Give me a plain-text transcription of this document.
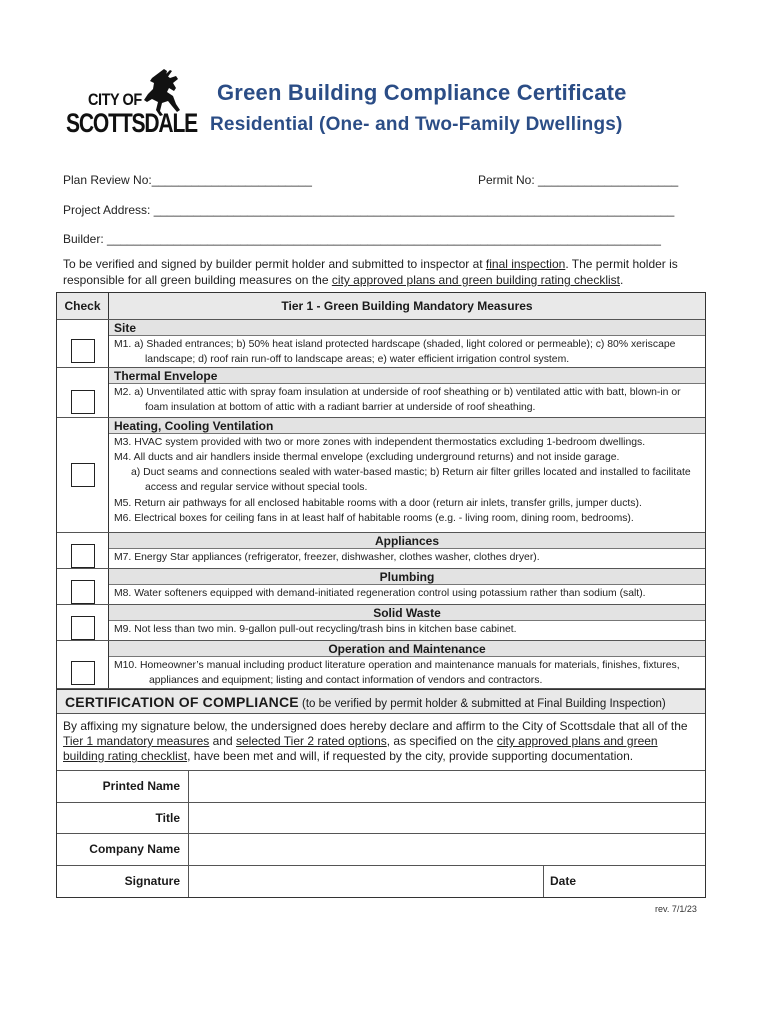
CITY OF
SCOTTSDALE
Green Building Compliance Certificate
Residential (One- and Two-Family Dwellings)
Plan Review No:________________________	Permit No: _____________________
Project Address: ______________________________________________________________________________
Builder: ___________________________________________________________________________________
To be verified and signed by builder permit holder and submitted to inspector at final inspection. The permit holder is responsible for all green building measures on the city approved plans and green building rating checklist.
Check	Tier 1 - Green Building Mandatory Measures
Site
M1. a) Shaded entrances; b) 50% heat island protected hardscape (shaded, light colored or permeable); c) 80% xeriscape landscape; d) roof rain run-off to landscape areas; e) water efficient irrigation control system.
Thermal Envelope
M2. a) Unventilated attic with spray foam insulation at underside of roof sheathing or b) ventilated attic with batt, blown-in or foam insulation at bottom of attic with a radiant barrier at underside of roof sheathing.
Heating, Cooling Ventilation
M3. HVAC system provided with two or more zones with independent thermostatics excluding 1-bedroom dwellings.
M4. All ducts and air handlers inside thermal envelope (excluding underground returns) and not inside garage.
a) Duct seams and connections sealed with water-based mastic; b) Return air filter grilles located and installed to facilitate access and regular service without special tools.
M5. Return air pathways for all enclosed habitable rooms with a door (return air inlets, transfer grills, jumper ducts).
M6. Electrical boxes for ceiling fans in at least half of habitable rooms (e.g. - living room, dining room, bedrooms).
Appliances
M7. Energy Star appliances (refrigerator, freezer, dishwasher, clothes washer, clothes dryer).
Plumbing
M8. Water softeners equipped with demand-initiated regeneration control using potassium rather than sodium (salt).
Solid Waste
M9. Not less than two min. 9-gallon pull-out recycling/trash bins in kitchen base cabinet.
Operation and Maintenance
M10. Homeowner’s manual including product literature operation and maintenance manuals for materials, finishes, fixtures, appliances and equipment; listing and contact information of vendors and contractors.
CERTIFICATION OF COMPLIANCE (to be verified by permit holder & submitted at Final Building Inspection)
By affixing my signature below, the undersigned does hereby declare and affirm to the City of Scottsdale that all of the Tier 1 mandatory measures and selected Tier 2 rated options, as specified on the city approved plans and green building rating checklist, have been met and will, if requested by the city, provide supporting documentation.
Printed Name
Title
Company Name
Signature	Date
rev. 7/1/23
